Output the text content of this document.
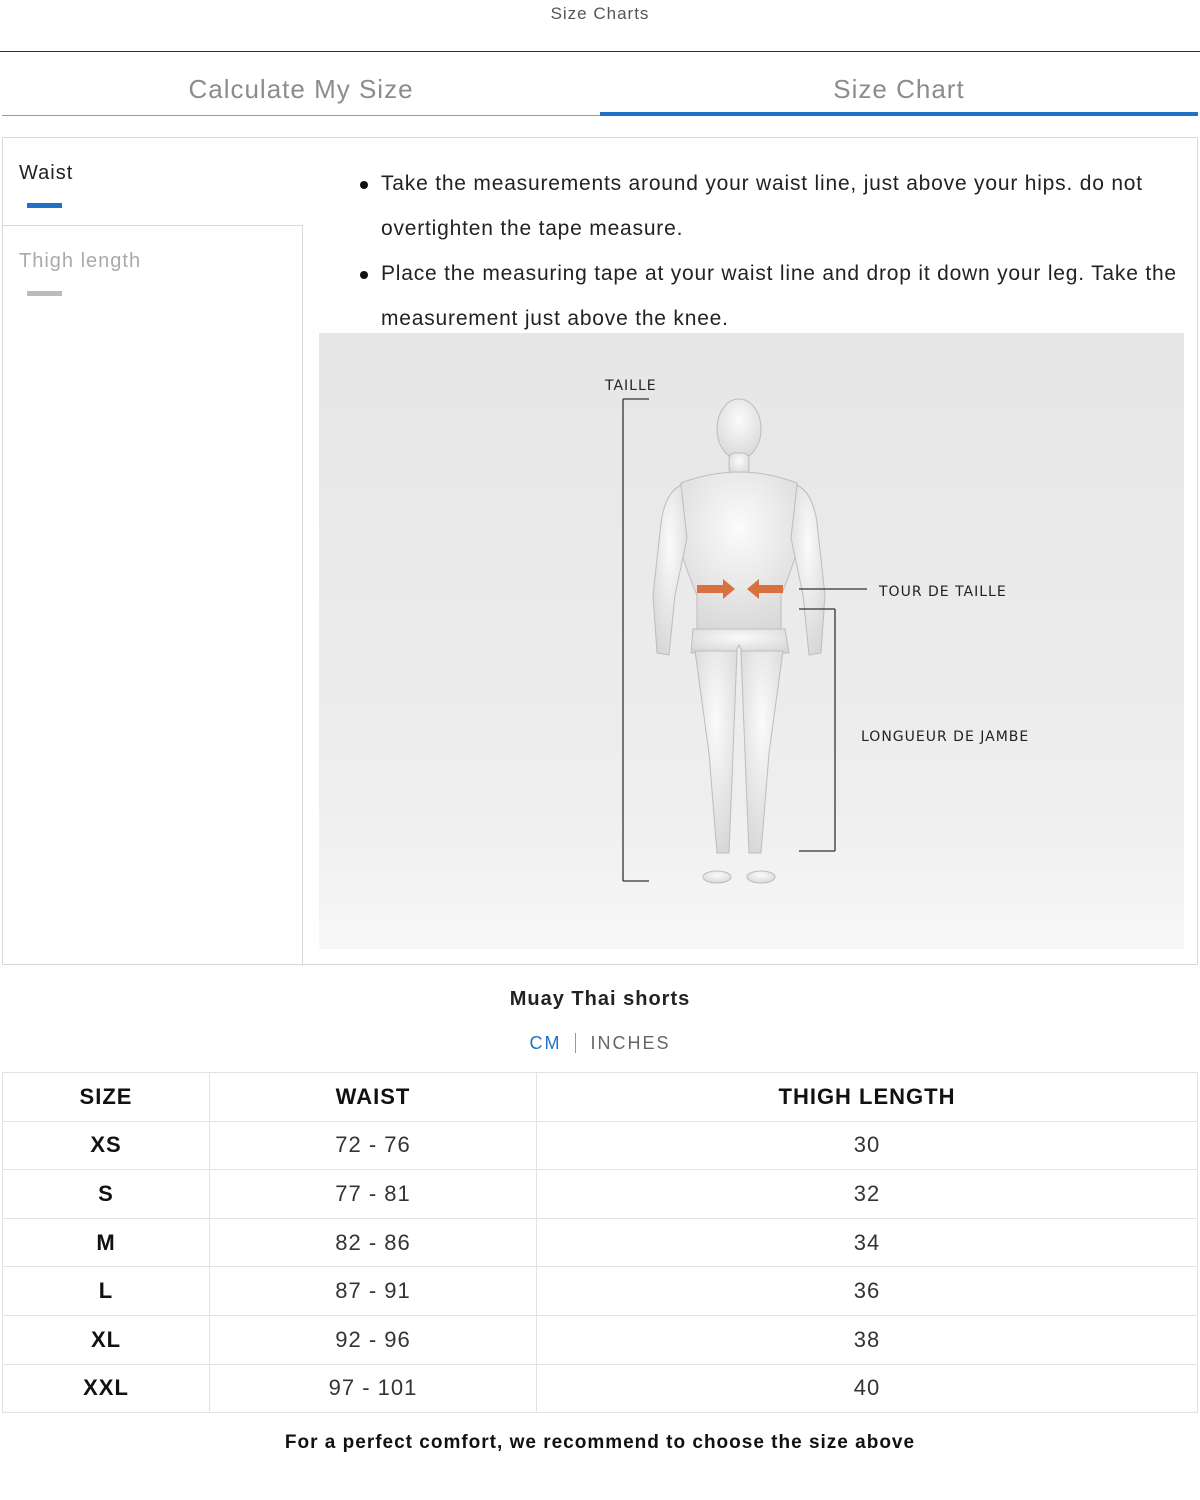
Size Charts
Calculate My Size	Size Chart
Waist
Thigh length
Take the measurements around your waist line, just above your hips. do not overtighten the tape measure.
Place the measuring tape at your waist line and drop it down your leg. Take the measurement just above the knee.
TAILLE
TOUR DE TAILLE
LONGUEUR DE JAMBE
Muay Thai shorts
CM INCHES
SIZE	WAIST	THIGH LENGTH
XS	72 - 76	30
S	77 - 81	32
M	82 - 86	34
L	87 - 91	36
XL	92 - 96	38
XXL	97 - 101	40
For a perfect comfort, we recommend to choose the size above
